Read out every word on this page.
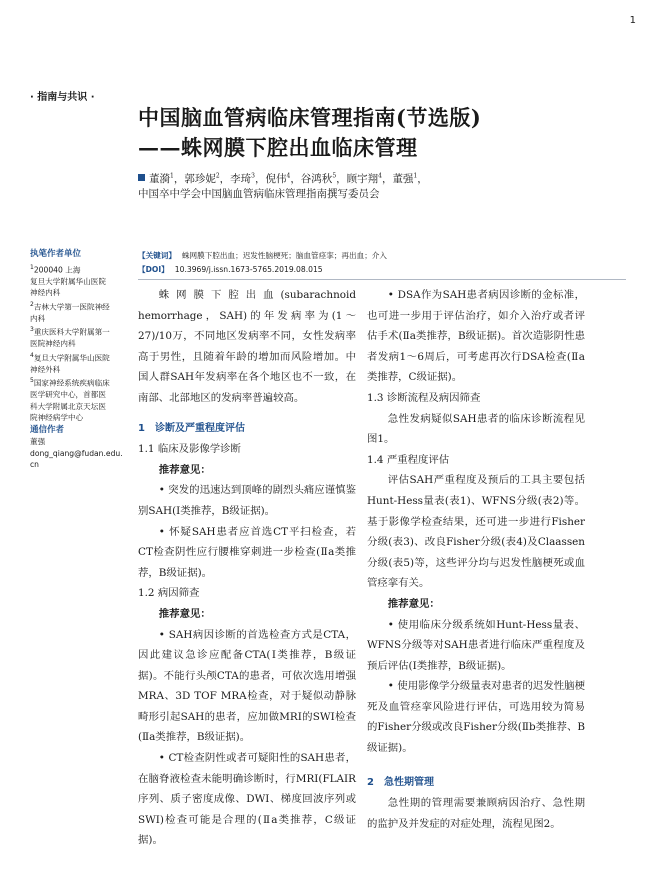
1
· 指南与共识 ·
中国脑血管病临床管理指南(节选版)
——蛛网膜下腔出血临床管理
董漪$^1$，郭珍妮$^2$，李琦$^3$，倪伟$^4$，谷鸿秋$^5$，顾宇翔$^4$，董强$^1$，
中国卒中学会中国脑血管病临床管理指南撰写委员会
执笔作者单位
$^1$200040 上海
复旦大学附属华山医院
神经内科
$^2$吉林大学第一医院神经
内科
$^3$重庆医科大学附属第一
医院神经内科
$^4$复旦大学附属华山医院
神经外科
$^5$国家神经系统疾病临床
医学研究中心，首都医
科大学附属北京天坛医
院神经病学中心
通信作者
董强
dong_qiang@fudan.edu.
cn
【关键词】 蛛网膜下腔出血；迟发性脑梗死；脑血管痉挛；再出血；介入
【DOI】 10.3969/j.issn.1673-5765.2019.08.015

蛛网膜下腔出血(subarachnoid hemorrhage，SAH)的年发病率为(1～27)/10万，不同地区发病率不同，女性发病率高于男性，且随着年龄的增加而风险增加。中国人群SAH年发病率在各个地区也不一致，在南部、北部地区的发病率普遍较高。

1 诊断及严重程度评估
1.1 临床及影像学诊断
推荐意见：

• 突发的迅速达到顶峰的剧烈头痛应谨慎鉴别SAH(Ⅰ类推荐，B级证据)。

• 怀疑SAH患者应首选CT平扫检查，若CT检查阴性应行腰椎穿刺进一步检查(Ⅱa类推荐，B级证据)。

1.2 病因筛查
推荐意见：

• SAH病因诊断的首选检查方式是CTA，因此建议急诊应配备CTA(Ⅰ类推荐，B级证据)。不能行头颅CTA的患者，可依次选用增强MRA、3D TOF MRA检查，对于疑似动静脉畸形引起SAH的患者，应加做MRI的SWI检查(Ⅱa类推荐，B级证据)。

• CT检查阴性或者可疑阳性的SAH患者，在脑脊液检查未能明确诊断时，行MRI(FLAIR序列、质子密度成像、DWI、梯度回波序列或SWI)检查可能是合理的(Ⅱa类推荐，C级证据)。

• DSA作为SAH患者病因诊断的金标准，也可进一步用于评估治疗，如介入治疗或者评估手术(Ⅱa类推荐，B级证据)。首次造影阴性患者发病1～6周后，可考虑再次行DSA检查(Ⅱa类推荐，C级证据)。

1.3 诊断流程及病因筛查

急性发病疑似SAH患者的临床诊断流程见图1。

1.4 严重程度评估

评估SAH严重程度及预后的工具主要包括Hunt-Hess量表(表1)、WFNS分级(表2)等。基于影像学检查结果，还可进一步进行Fisher分级(表3)、改良Fisher分级(表4)及Claassen分级(表5)等，这些评分均与迟发性脑梗死或血管痉挛有关。

推荐意见：

• 使用临床分级系统如Hunt-Hess量表、WFNS分级等对SAH患者进行临床严重程度及预后评估(Ⅰ类推荐，B级证据)。

• 使用影像学分级量表对患者的迟发性脑梗死及血管痉挛风险进行评估，可选用较为简易的Fisher分级或改良Fisher分级(Ⅱb类推荐、B级证据)。

2 急性期管理

急性期的管理需要兼顾病因治疗、急性期的监护及并发症的对症处理，流程见图2。
